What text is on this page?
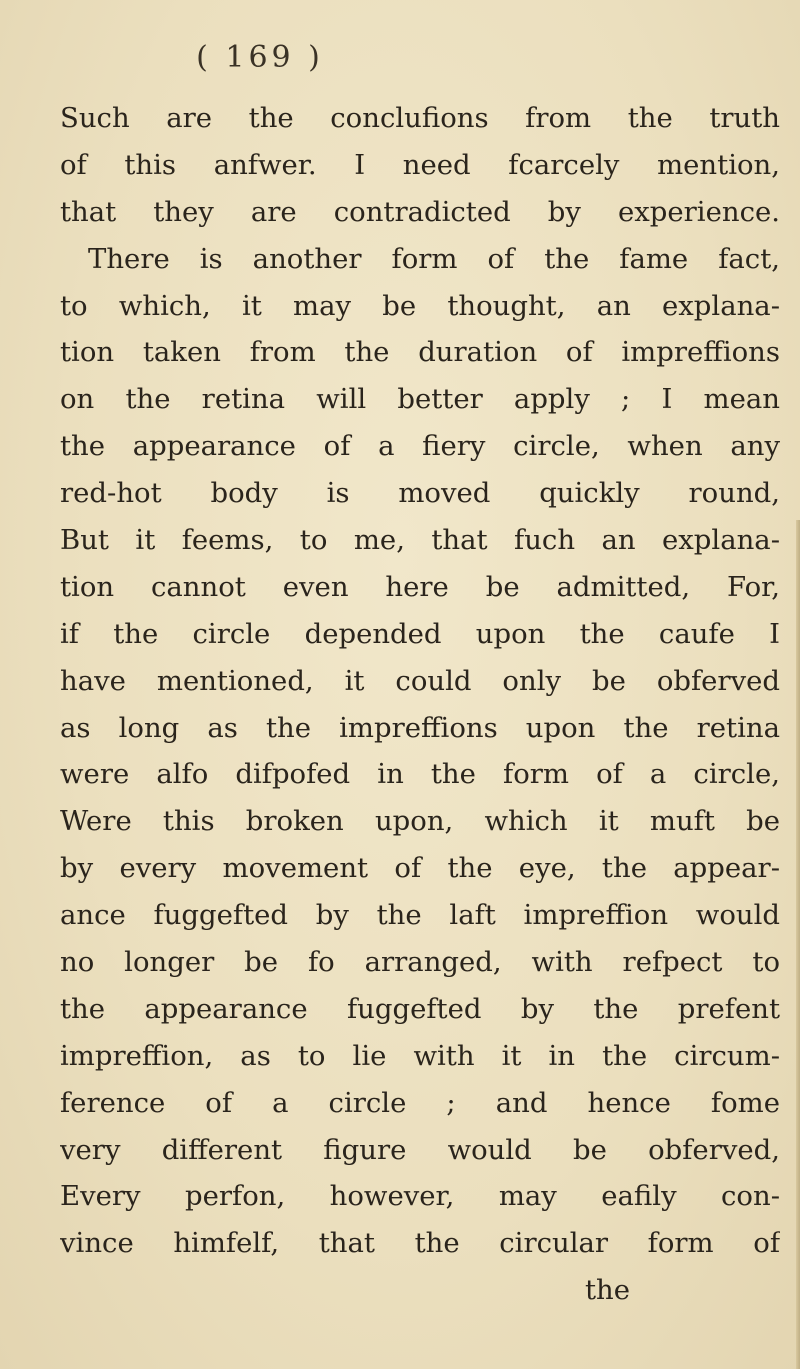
( 169 )
Such are the conclufions from the truth
of this anfwer. I need fcarcely mention,
that they are contradicted by experience.
There is another form of the fame fact,
to which, it may be thought, an explana-
tion taken from the duration of impreffions
on the retina will better apply ; I mean
the appearance of a fiery circle, when any
red-hot body is moved quickly round,
But it feems, to me, that fuch an explana-
tion cannot even here be admitted, For,
if the circle depended upon the caufe I
have mentioned, it could only be obferved
as long as the impreffions upon the retina
were alfo difpofed in the form of a circle,
Were this broken upon, which it muft be
by every movement of the eye, the appear-
ance fuggefted by the laft impreffion would
no longer be fo arranged, with refpect to
the appearance fuggefted by the prefent
impreffion, as to lie with it in the circum-
ference of a circle ; and hence fome
very different figure would be obferved,
Every perfon, however, may eafily con-
vince himfelf, that the circular form of
the
